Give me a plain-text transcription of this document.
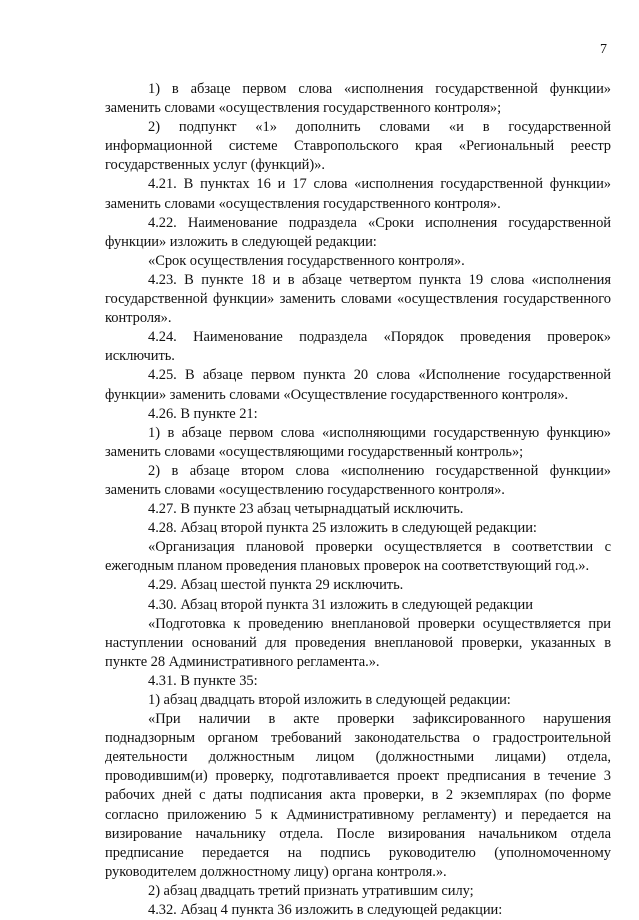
7

1) в абзаце первом слова «исполнения государственной функции» заменить словами «осуществления государственного контроля»;

2) подпункт «1» дополнить словами «и в государственной информационной системе Ставропольского края «Региональный реестр государственных услуг (функций)».

4.21. В пунктах 16 и 17 слова «исполнения государственной функции» заменить словами «осуществления государственного контроля».

4.22. Наименование подраздела «Сроки исполнения государственной функции» изложить в следующей редакции:

«Срок осуществления государственного контроля».

4.23. В пункте 18 и в абзаце четвертом пункта 19 слова «исполнения государственной функции» заменить словами «осуществления государственного контроля».

4.24. Наименование подраздела «Порядок проведения проверок» исключить.

4.25. В абзаце первом пункта 20 слова «Исполнение государственной функции» заменить словами «Осуществление государственного контроля».

4.26. В пункте 21:

1) в абзаце первом слова «исполняющими государственную функцию» заменить словами «осуществляющими государственный контроль»;

2) в абзаце втором слова «исполнению государственной функции» заменить словами «осуществлению государственного контроля».

4.27. В пункте 23 абзац четырнадцатый исключить.

4.28. Абзац второй пункта 25 изложить в следующей редакции:

«Организация плановой проверки осуществляется в соответствии с ежегодным планом проведения плановых проверок на соответствующий год.».

4.29. Абзац шестой пункта 29 исключить.

4.30. Абзац второй пункта 31 изложить в следующей редакции

«Подготовка к проведению внеплановой проверки осуществляется при наступлении оснований для проведения внеплановой проверки, указанных в пункте 28 Административного регламента.».

4.31. В пункте 35:

1) абзац двадцать второй изложить в следующей редакции:

«При наличии в акте проверки зафиксированного нарушения поднадзорным органом требований законодательства о градостроительной деятельности должностным лицом (должностными лицами) отдела, проводившим(и) проверку, подготавливается проект предписания в течение 3 рабочих дней с даты подписания акта проверки, в 2 экземплярах (по форме согласно приложению 5 к Административному регламенту) и передается на визирование начальнику отдела. После визирования начальником отдела предписание передается на подпись руководителю (уполномоченному руководителем должностному лицу) органа контроля.».

2) абзац двадцать третий признать утратившим силу;

4.32. Абзац 4 пункта 36 изложить в следующей редакции:
